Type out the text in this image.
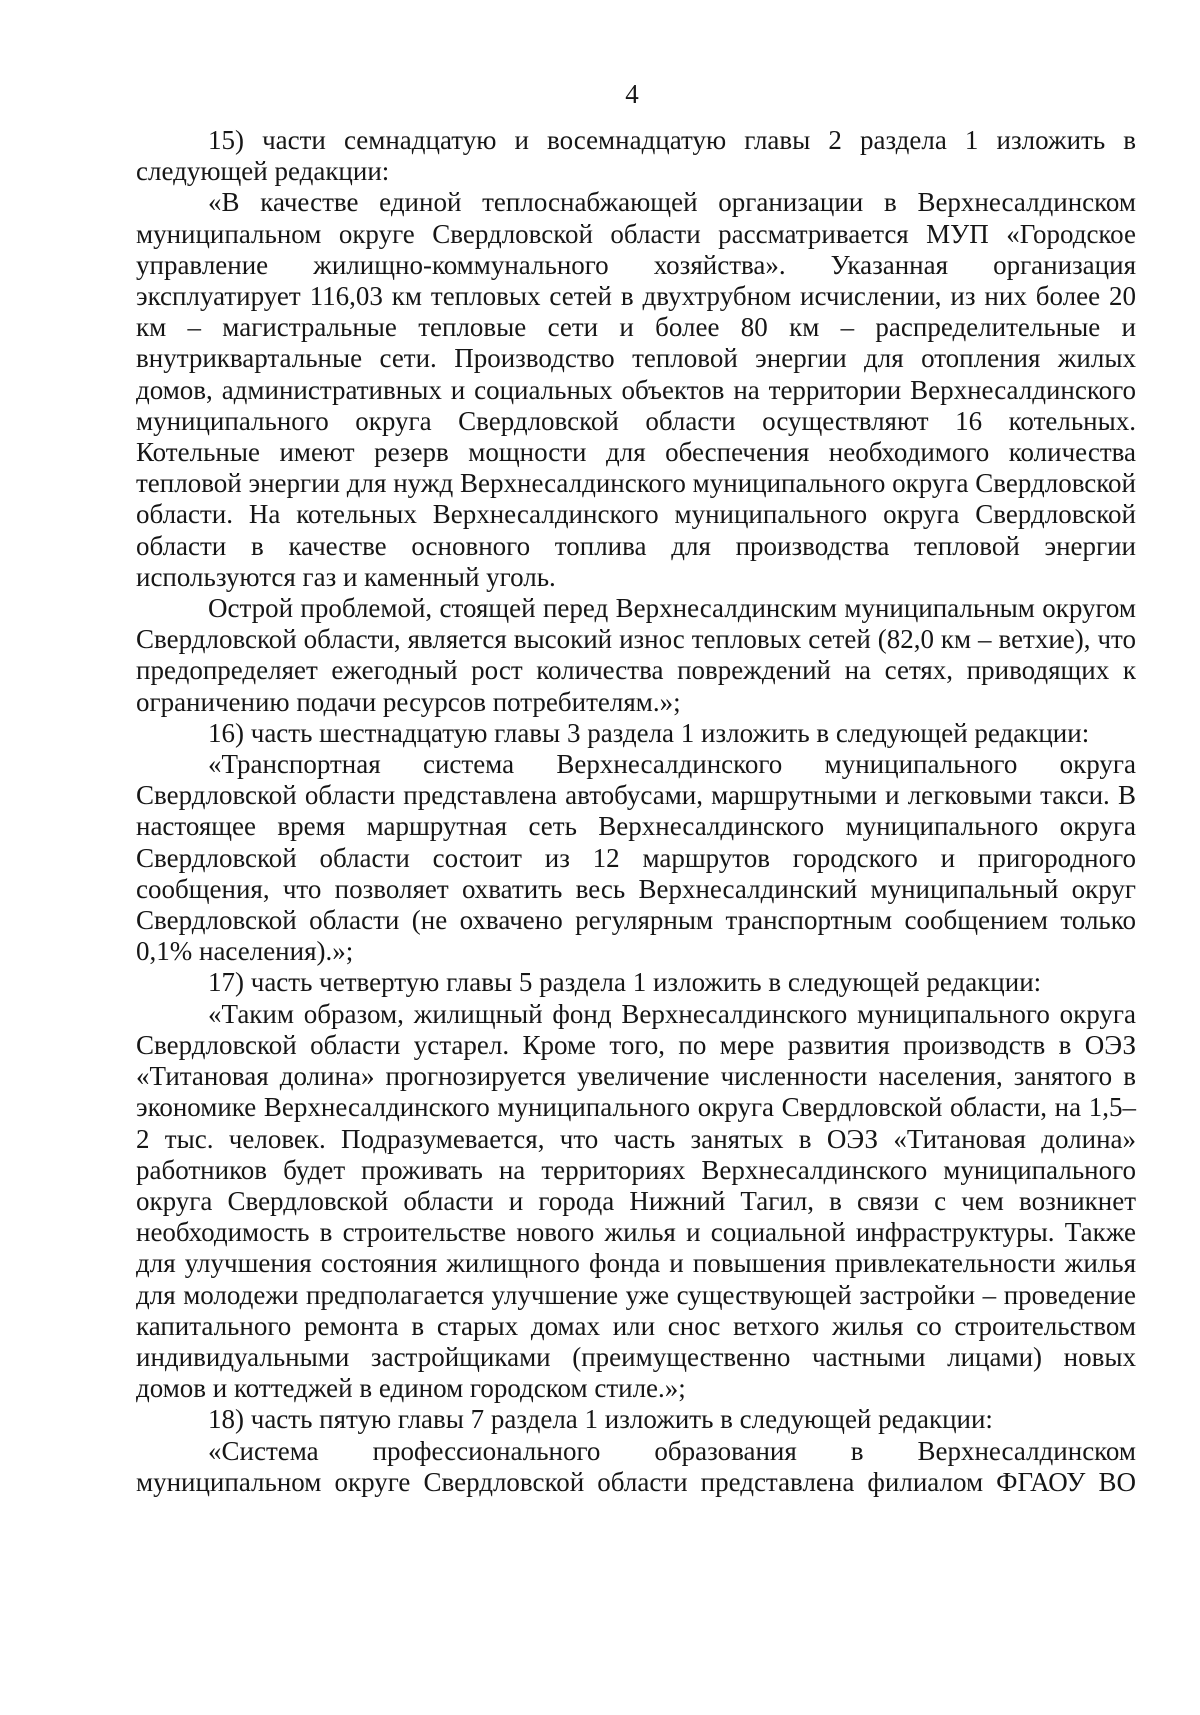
4

15) части семнадцатую и восемнадцатую главы 2 раздела 1 изложить в следующей редакции:

«В качестве единой теплоснабжающей организации в Верхнесалдинском муниципальном округе Свердловской области рассматривается МУП «Городское управление жилищно-коммунального хозяйства». Указанная организация эксплуатирует 116,03 км тепловых сетей в двухтрубном исчислении, из них более 20 км – магистральные тепловые сети и более 80 км – распределительные и внутриквартальные сети. Производство тепловой энергии для отопления жилых домов, административных и социальных объектов на территории Верхнесалдинского муниципального округа Свердловской области осуществляют 16 котельных. Котельные имеют резерв мощности для обеспечения необходимого количества тепловой энергии для нужд Верхнесалдинского муниципального округа Свердловской области. На котельных Верхнесалдинского муниципального округа Свердловской области в качестве основного топлива для производства тепловой энергии используются газ и каменный уголь.

Острой проблемой, стоящей перед Верхнесалдинским муниципальным округом Свердловской области, является высокий износ тепловых сетей (82,0 км – ветхие), что предопределяет ежегодный рост количества повреждений на сетях, приводящих к ограничению подачи ресурсов потребителям.»;

16) часть шестнадцатую главы 3 раздела 1 изложить в следующей редакции:

«Транспортная система Верхнесалдинского муниципального округа Свердловской области представлена автобусами, маршрутными и легковыми такси. В настоящее время маршрутная сеть Верхнесалдинского муниципального округа Свердловской области состоит из 12 маршрутов городского и пригородного сообщения, что позволяет охватить весь Верхнесалдинский муниципальный округ Свердловской области (не охвачено регулярным транспортным сообщением только 0,1% населения).»;

17) часть четвертую главы 5 раздела 1 изложить в следующей редакции:

«Таким образом, жилищный фонд Верхнесалдинского муниципального округа Свердловской области устарел. Кроме того, по мере развития производств в ОЭЗ «Титановая долина» прогнозируется увеличение численности населения, занятого в экономике Верхнесалдинского муниципального округа Свердловской области, на 1,5–2 тыс. человек. Подразумевается, что часть занятых в ОЭЗ «Титановая долина» работников будет проживать на территориях Верхнесалдинского муниципального округа Свердловской области и города Нижний Тагил, в связи с чем возникнет необходимость в строительстве нового жилья и социальной инфраструктуры. Также для улучшения состояния жилищного фонда и повышения привлекательности жилья для молодежи предполагается улучшение уже существующей застройки – проведение капитального ремонта в старых домах или снос ветхого жилья со строительством индивидуальными застройщиками (преимущественно частными лицами) новых домов и коттеджей в едином городском стиле.»;

18) часть пятую главы 7 раздела 1 изложить в следующей редакции:

«Система профессионального образования в Верхнесалдинском муниципальном округе Свердловской области представлена филиалом ФГАОУ ВО
